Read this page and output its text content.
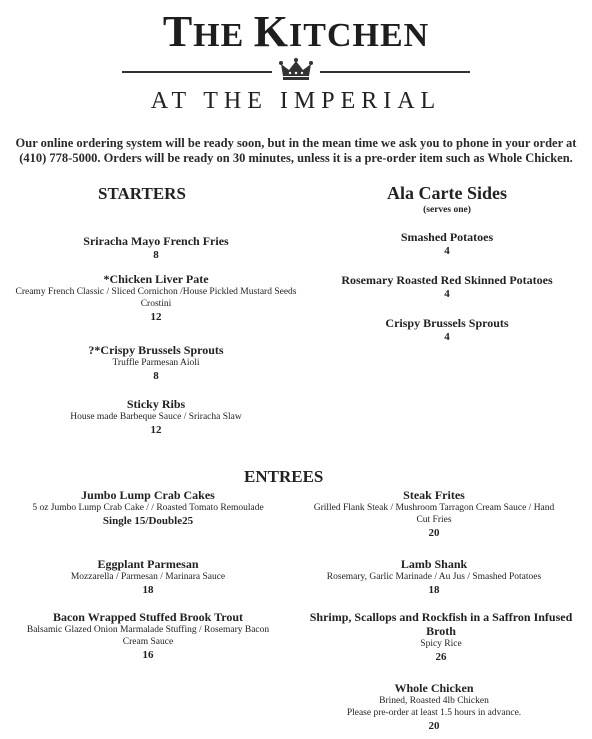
THE KITCHEN
AT THE IMPERIAL
Our online ordering system will be ready soon, but in the mean time we ask you to phone in your order at (410) 778-5000. Orders will be ready on 30 minutes, unless it is a pre-order item such as Whole Chicken.
STARTERS
Sriracha Mayo French Fries
8
*Chicken Liver Pate
Creamy French Classic / Sliced Cornichon /House Pickled Mustard Seeds
Crostini
12
?*Crispy Brussels Sprouts
Truffle Parmesan Aioli
8
Sticky Ribs
House made Barbeque Sauce / Sriracha Slaw
12
Ala Carte Sides
(serves one)
Smashed Potatoes
4
Rosemary Roasted Red Skinned Potatoes
4
Crispy Brussels Sprouts
4
ENTREES
Jumbo Lump Crab Cakes
5 oz Jumbo Lump Crab Cake / / Roasted Tomato Remoulade
Single 15/Double25
Eggplant Parmesan
Mozzarella / Parmesan / Marinara Sauce
18
Bacon Wrapped Stuffed Brook Trout
Balsamic Glazed Onion Marmalade Stuffing / Rosemary Bacon
Cream Sauce
16
Steak Frites
Grilled Flank Steak / Mushroom Tarragon Cream Sauce / Hand
Cut Fries
20
Lamb Shank
Rosemary, Garlic Marinade / Au Jus / Smashed Potatoes
18
Shrimp, Scallops and Rockfish in a Saffron Infused
Broth
Spicy Rice
26
Whole Chicken
Brined, Roasted 4lb Chicken
Please pre-order at least 1.5 hours in advance.
20
